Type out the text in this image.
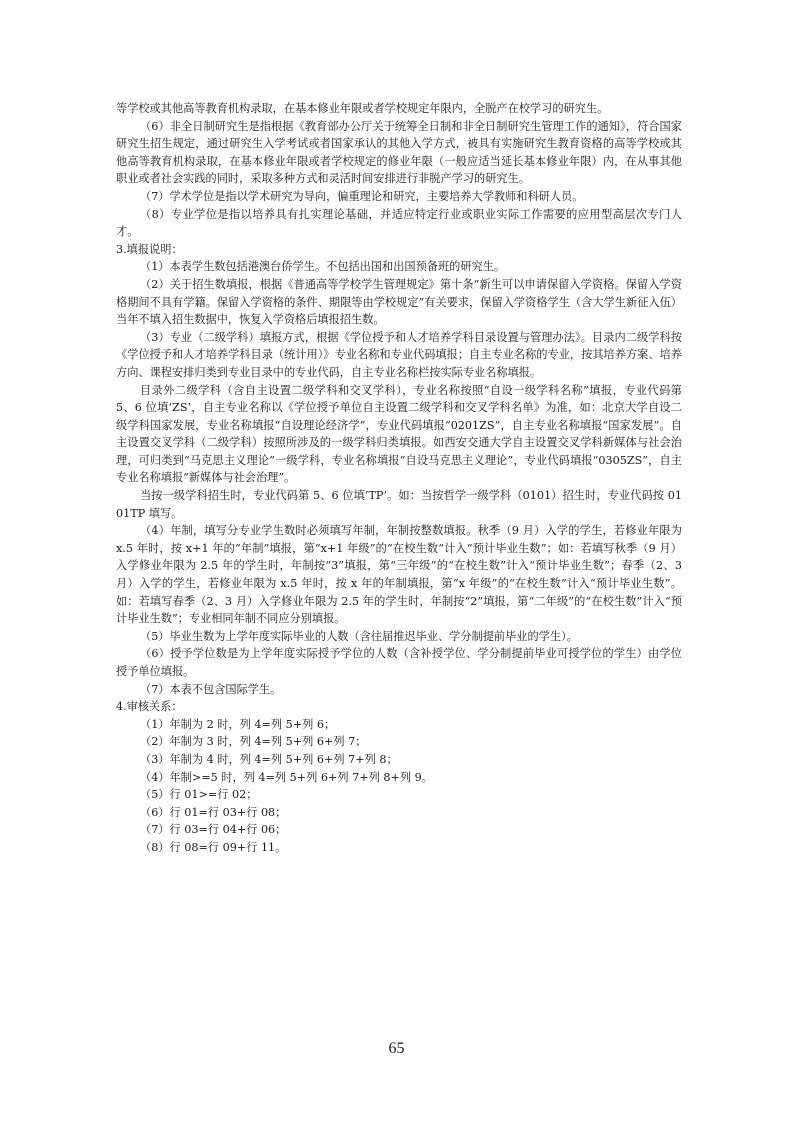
等学校或其他高等教育机构录取，在基本修业年限或者学校规定年限内，全脱产在校学习的研究生。

（6）非全日制研究生是指根据《教育部办公厅关于统筹全日制和非全日制研究生管理工作的通知》，符合国家研究生招生规定，通过研究生入学考试或者国家承认的其他入学方式，被具有实施研究生教育资格的高等学校或其他高等教育机构录取，在基本修业年限或者学校规定的修业年限（一般应适当延长基本修业年限）内，在从事其他职业或者社会实践的同时，采取多种方式和灵活时间安排进行非脱产学习的研究生。

（7）学术学位是指以学术研究为导向，偏重理论和研究，主要培养大学教师和科研人员。

（8）专业学位是指以培养具有扎实理论基础，并适应特定行业或职业实际工作需要的应用型高层次专门人才。

3.填报说明：

（1）本表学生数包括港澳台侨学生。不包括出国和出国预备班的研究生。

（2）关于招生数填报，根据《普通高等学校学生管理规定》第十条“新生可以申请保留入学资格。保留入学资格期间不具有学籍。保留入学资格的条件、期限等由学校规定”有关要求，保留入学资格学生（含大学生新征入伍）当年不填入招生数据中，恢复入学资格后填报招生数。

（3）专业（二级学科）填报方式，根据《学位授予和人才培养学科目录设置与管理办法》。目录内二级学科按《学位授予和人才培养学科目录（统计用）》专业名称和专业代码填报；自主专业名称的专业，按其培养方案、培养方向、课程安排归类到专业目录中的专业代码，自主专业名称栏按实际专业名称填报。

目录外二级学科（含自主设置二级学科和交叉学科），专业名称按照“自设一级学科名称”填报，专业代码第 5、6 位填‘ZS’，自主专业名称以《学位授予单位自主设置二级学科和交叉学科名单》为准，如：北京大学自设二级学科国家发展，专业名称填报“自设理论经济学”，专业代码填报“0201ZS”，自主专业名称填报“国家发展”。自主设置交叉学科（二级学科）按照所涉及的一级学科归类填报。如西安交通大学自主设置交叉学科新媒体与社会治理，可归类到“马克思主义理论”一级学科，专业名称填报“自设马克思主义理论”，专业代码填报“0305ZS”，自主专业名称填报“新媒体与社会治理”。

当按一级学科招生时，专业代码第 5、6 位填‘TP’。如：当按哲学一级学科（0101）招生时，专业代码按 0101TP 填写。

（4）年制，填写分专业学生数时必须填写年制，年制按整数填报。秋季（9 月）入学的学生，若修业年限为 x.5 年时，按 x+1 年的“年制”填报，第“x+1 年级”的“在校生数”计入“预计毕业生数”；如：若填写秋季（9 月）入学修业年限为 2.5 年的学生时，年制按“3”填报，第“三年级”的“在校生数”计入“预计毕业生数”；春季（2、3 月）入学的学生，若修业年限为 x.5 年时，按 x 年的年制填报，第“x 年级”的“在校生数”计入“预计毕业生数”。如：若填写春季（2、3 月）入学修业年限为 2.5 年的学生时，年制按“2”填报，第“二年级”的“在校生数”计入“预计毕业生数”；专业相同年制不同应分别填报。

（5）毕业生数为上学年度实际毕业的人数（含往届推迟毕业、学分制提前毕业的学生）。

（6）授予学位数是为上学年度实际授予学位的人数（含补授学位、学分制提前毕业可授学位的学生）由学位授予单位填报。

（7）本表不包含国际学生。

4.审核关系：

（1）年制为 2 时，列 4=列 5+列 6；

（2）年制为 3 时，列 4=列 5+列 6+列 7；

（3）年制为 4 时，列 4=列 5+列 6+列 7+列 8；

（4）年制>=5 时，列 4=列 5+列 6+列 7+列 8+列 9。

（5）行 01>=行 02；

（6）行 01=行 03+行 08；

（7）行 03=行 04+行 06；

（8）行 08=行 09+行 11。

65
